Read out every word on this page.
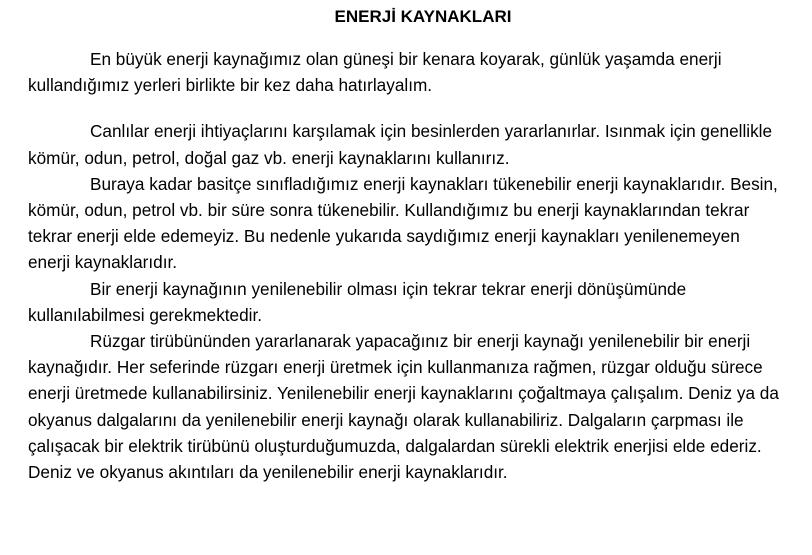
ENERJİ KAYNAKLARI

En büyük enerji kaynağımız olan güneşi bir kenara koyarak, günlük yaşamda enerji kullandığımız yerleri birlikte bir kez daha hatırlayalım.

Canlılar enerji ihtiyaçlarını karşılamak için besinlerden yararlanırlar. Isınmak için genellikle kömür, odun, petrol, doğal gaz vb. enerji kaynaklarını kullanırız.

Buraya kadar basitçe sınıfladığımız enerji kaynakları tükenebilir enerji kaynaklarıdır. Besin, kömür, odun, petrol vb. bir süre sonra tükenebilir. Kullandığımız bu enerji kaynaklarından tekrar tekrar enerji elde edemeyiz. Bu nedenle yukarıda saydığımız enerji kaynakları yenilenemeyen enerji kaynaklarıdır.

Bir enerji kaynağının yenilenebilir olması için tekrar tekrar enerji dönüşümünde kullanılabilmesi gerekmektedir.

Rüzgar tirübününden yararlanarak yapacağınız bir enerji kaynağı yenilenebilir bir enerji kaynağıdır. Her seferinde rüzgarı enerji üretmek için kullanmanıza rağmen, rüzgar olduğu sürece enerji üretmede kullanabilirsiniz. Yenilenebilir enerji kaynaklarını çoğaltmaya çalışalım. Deniz ya da okyanus dalgalarını da yenilenebilir enerji kaynağı olarak kullanabiliriz. Dalgaların çarpması ile çalışacak bir elektrik tirübünü oluşturduğumuzda, dalgalardan sürekli elektrik enerjisi elde ederiz. Deniz ve okyanus akıntıları da yenilenebilir enerji kaynaklarıdır.
